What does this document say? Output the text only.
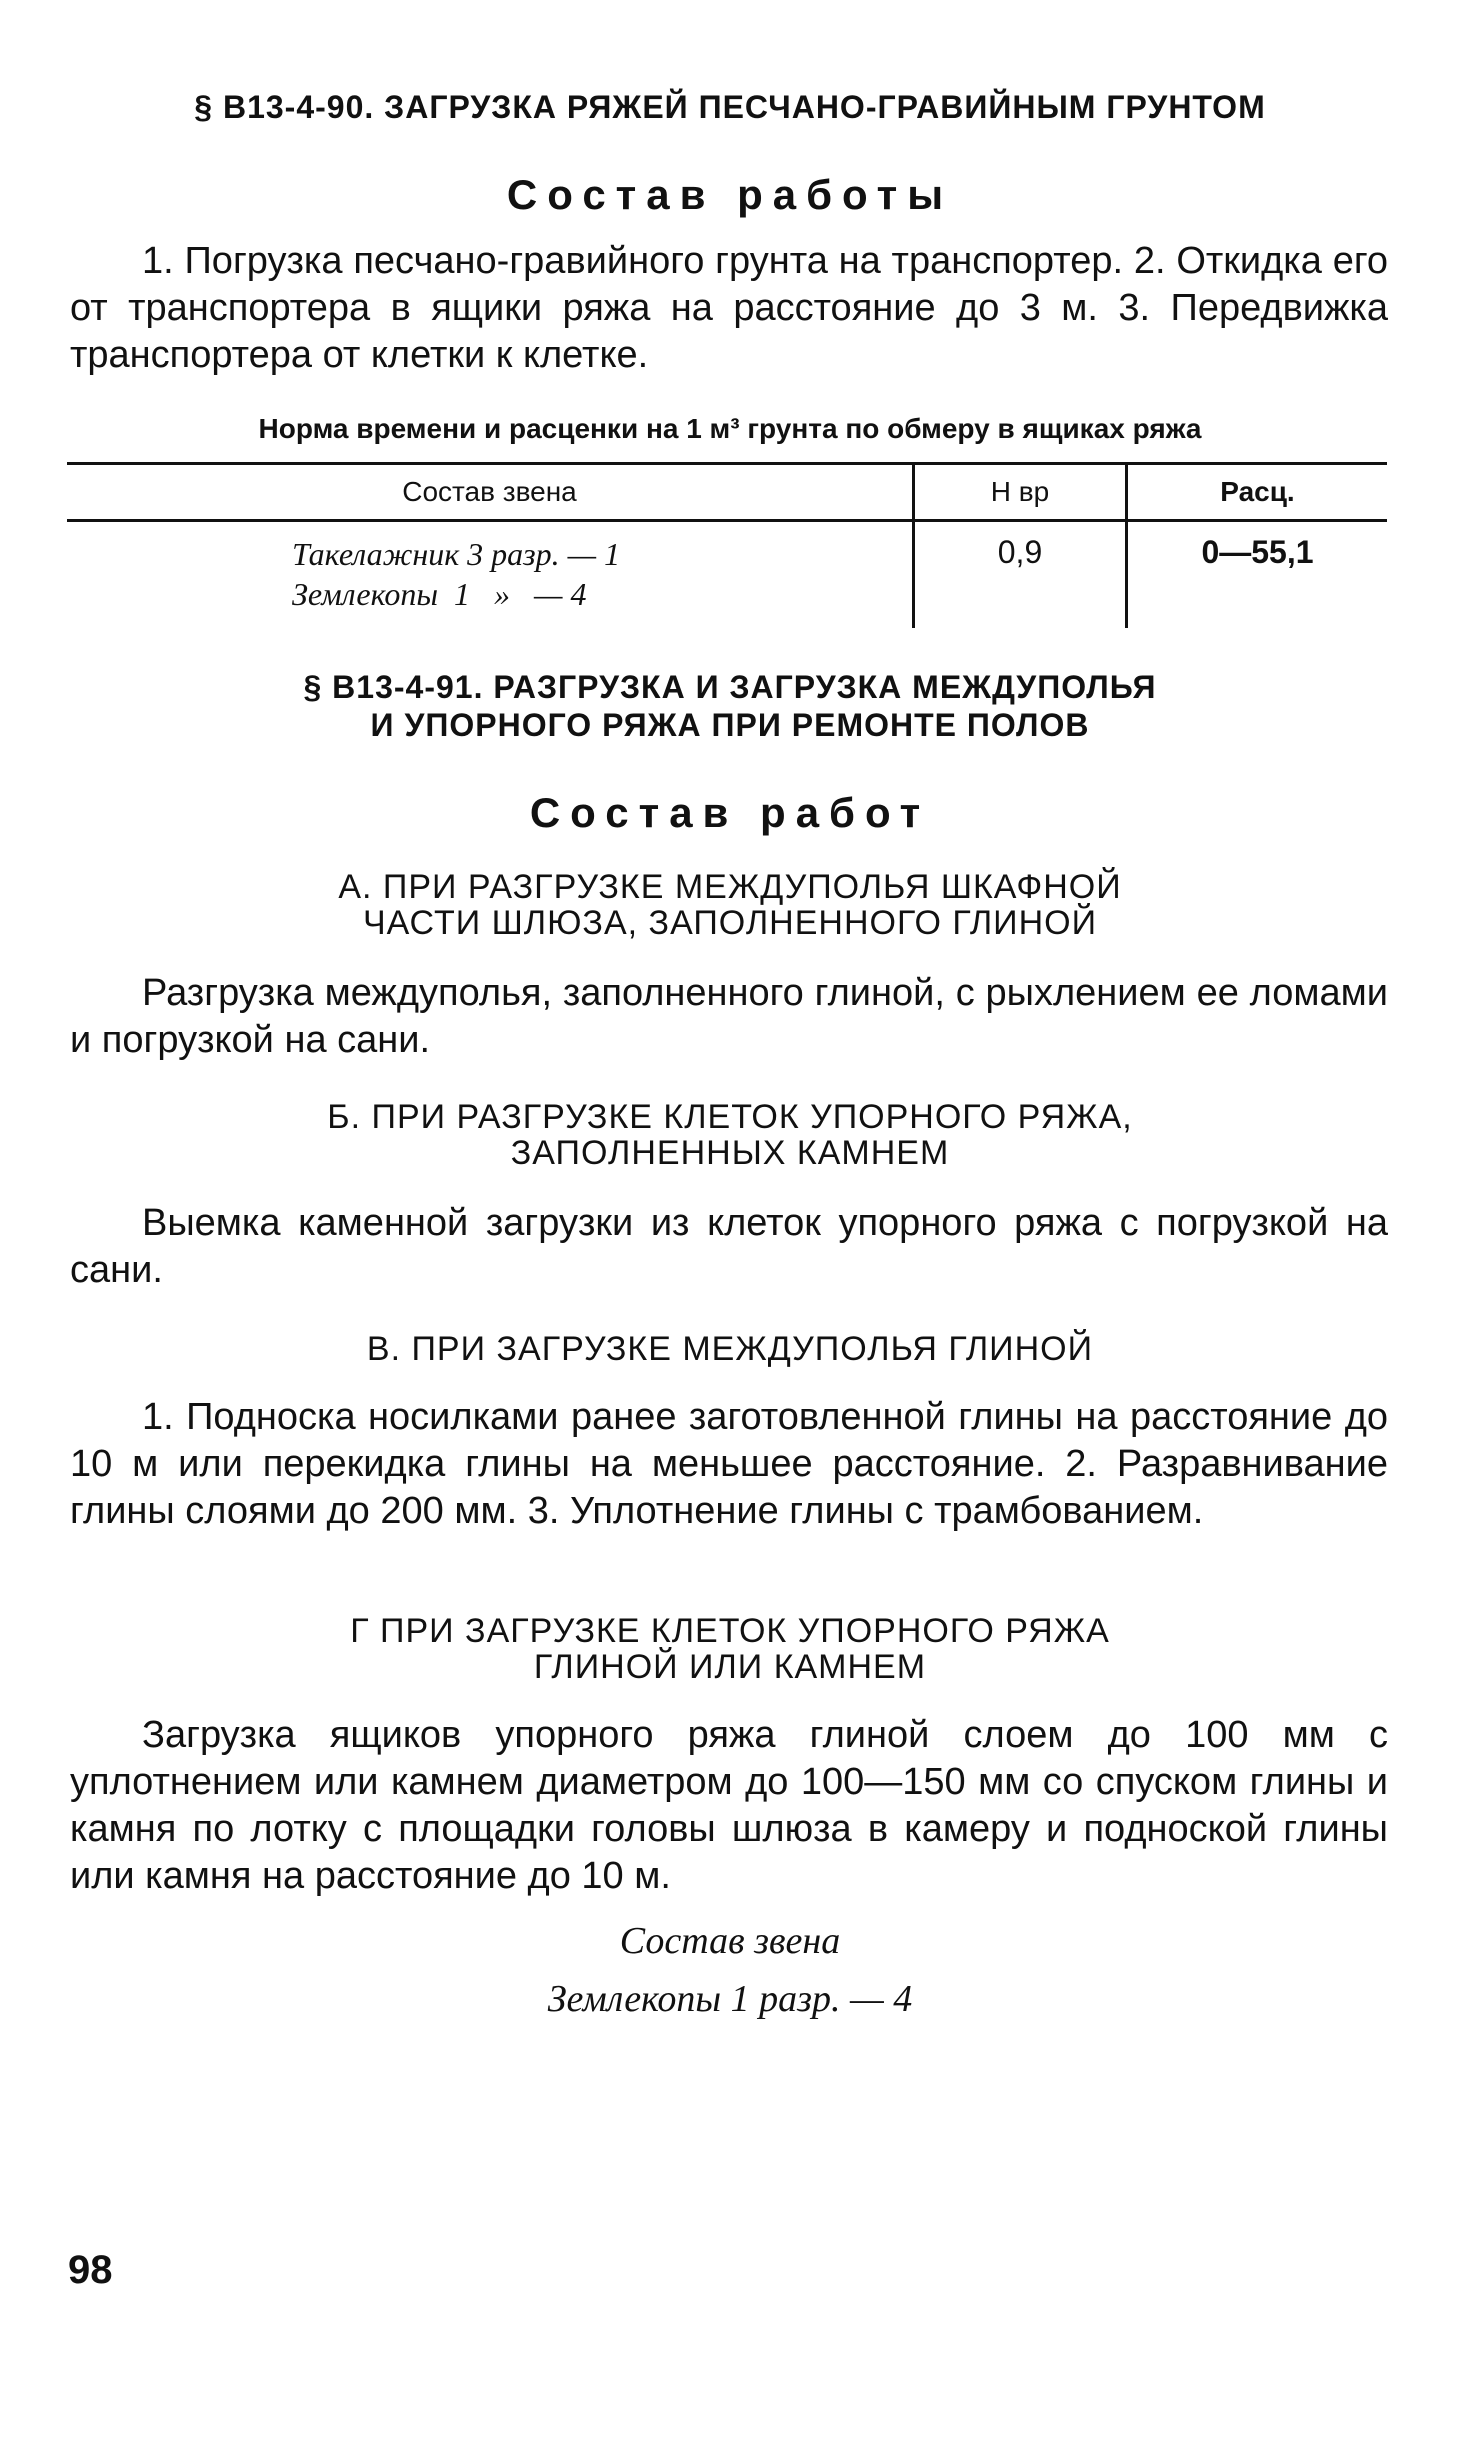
§ В13-4-90. ЗАГРУЗКА РЯЖЕЙ ПЕСЧАНО-ГРАВИЙНЫМ ГРУНТОМ
Состав работы
1. Погрузка песчано-гравийного грунта на транспортер. 2. Откидка его от транспортера в ящики ряжа на расстояние до 3 м. 3. Передвижка транспортера от клетки к клетке.
Норма времени и расценки на 1 м³ грунта по обмеру в ящиках ряжа
Состав звена	Н вр	Расц.

Такелажник 3 разр. — 1
Землекопы  1   »   — 4	0,9	0—55,1
§ В13-4-91. РАЗГРУЗКА И ЗАГРУЗКА МЕЖДУПОЛЬЯ
И УПОРНОГО РЯЖА ПРИ РЕМОНТЕ ПОЛОВ
Состав работ
А. ПРИ РАЗГРУЗКЕ МЕЖДУПОЛЬЯ ШКАФНОЙ
ЧАСТИ ШЛЮЗА, ЗАПОЛНЕННОГО ГЛИНОЙ
Разгрузка междуполья, заполненного глиной, с рыхлением ее ломами и погрузкой на сани.
Б. ПРИ РАЗГРУЗКЕ КЛЕТОК УПОРНОГО РЯЖА,
ЗАПОЛНЕННЫХ КАМНЕМ
Выемка каменной загрузки из клеток упорного ряжа с погрузкой на сани.
В. ПРИ ЗАГРУЗКЕ МЕЖДУПОЛЬЯ ГЛИНОЙ
1. Подноска носилками ранее заготовленной глины на расстояние до 10 м или перекидка глины на меньшее расстояние. 2. Разравнивание глины слоями до 200 мм. 3. Уплотнение глины с трамбованием.
Г ПРИ ЗАГРУЗКЕ КЛЕТОК УПОРНОГО РЯЖА
ГЛИНОЙ ИЛИ КАМНЕМ
Загрузка ящиков упорного ряжа глиной слоем до 100 мм с уплотнением или камнем диаметром до 100—150 мм со спуском глины и камня по лотку с площадки головы шлюза в камеру и подноской глины или камня на расстояние до 10 м.
Состав звена
Землекопы 1 разр. — 4
98
